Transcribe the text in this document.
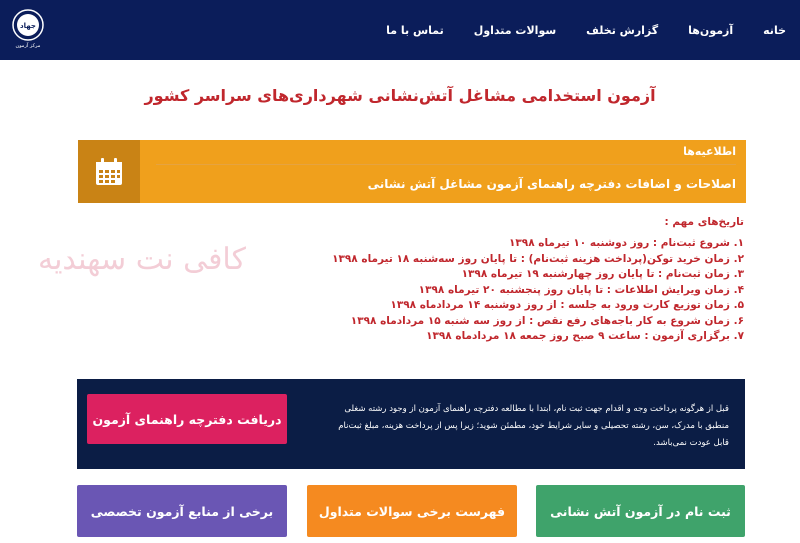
جهاد
مرکز آزمون
خانه
آزمون‌ها
گزارش تخلف
سوالات متداول
تماس با ما
آزمون استخدامی مشاغل آتش‌نشانی شهرداری‌های سراسر کشور
اطلاعیه‌ها
اصلاحات و اضافات دفترچه راهنمای آزمون مشاغل آتش نشانی
کافی نت سهندیه
تاریخ‌های مهم :
۱. شروع ثبت‌نام : روز دوشنبه ۱۰ تیرماه ۱۳۹۸
۲. زمان خرید توکن(پرداخت هزینه ثبت‌نام) : تا پایان روز سه‌شنبه ۱۸ تیرماه ۱۳۹۸
۳. زمان ثبت‌نام : تا پایان روز چهارشنبه ۱۹ تیرماه ۱۳۹۸
۴. زمان ویرایش اطلاعات : تا پایان روز پنجشنبه ۲۰ تیرماه ۱۳۹۸
۵. زمان توزیع کارت ورود به جلسه : از روز دوشنبه ۱۴ مردادماه ۱۳۹۸
۶. زمان شروع به کار باجه‌های رفع نقص : از روز سه شنبه ۱۵ مردادماه ۱۳۹۸
۷. برگزاری آزمون : ساعت ۹ صبح روز جمعه ۱۸ مردادماه ۱۳۹۸
قبل از هرگونه پرداخت وجه و اقدام جهت ثبت نام، ابتدا با مطالعه دفترچه راهنمای آزمون از وجود رشته شغلی منطبق با مدرک، سن، رشته تحصیلی و سایر شرایط خود، مطمئن شوید؛ زیرا پس از پرداخت هزینه، مبلغ ثبت‌نام قابل عودت نمی‌باشد.
دریافت دفترچه راهنمای آزمون
ثبت نام در آزمون آتش نشانی
فهرست برخی سوالات متداول
برخی از منابع آزمون تخصصی
